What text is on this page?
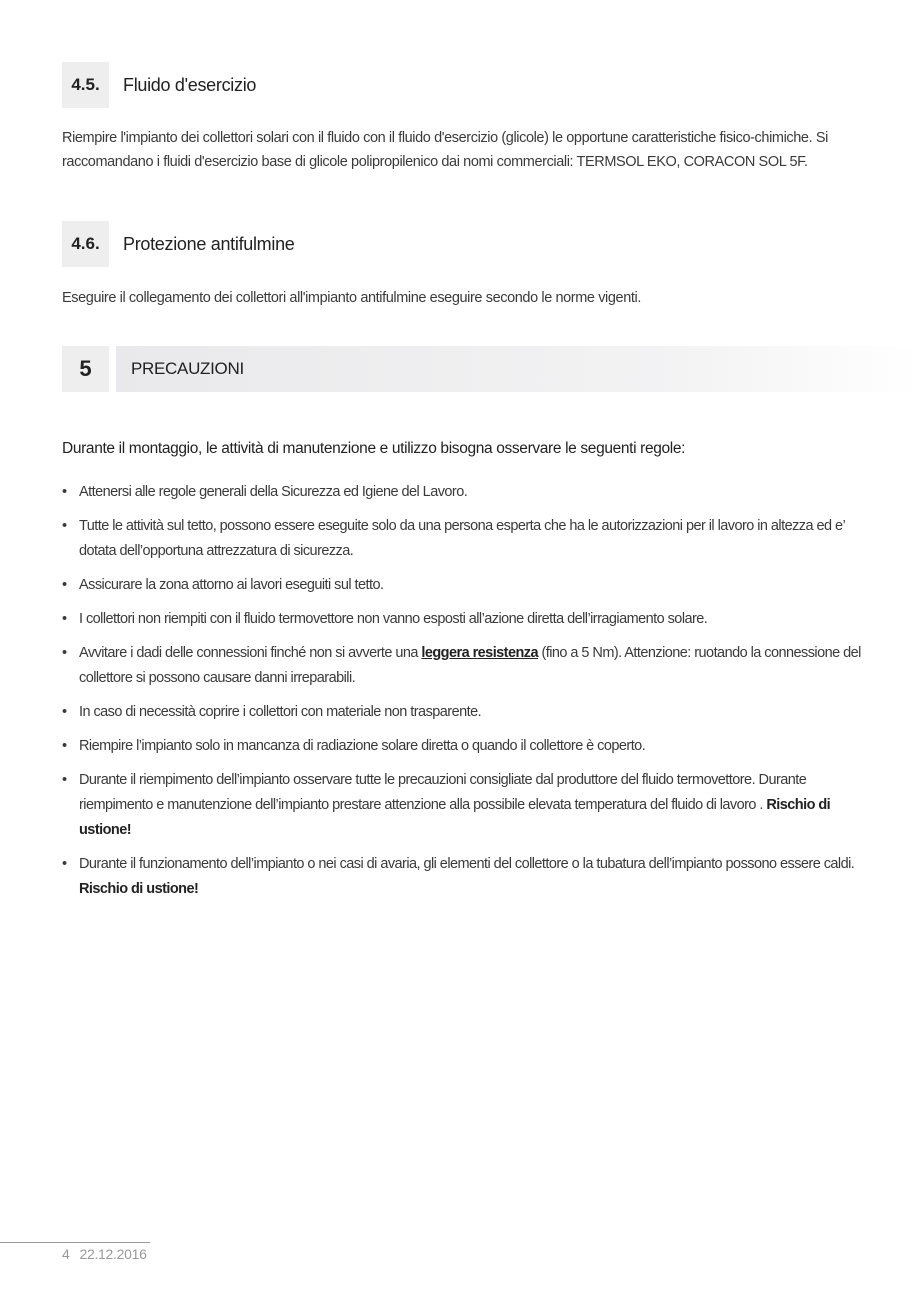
4.5.	Fluido d'esercizio
Riempire l'impianto dei collettori solari con il fluido con il fluido d'esercizio (glicole) le opportune caratteristiche fisico-chimiche. Si raccomandano i fluidi d'esercizio base di glicole polipropilenico dai nomi commerciali: TERMSOL EKO, CORACON SOL 5F.
4.6.	Protezione antifulmine
Eseguire il collegamento dei collettori all'impianto antifulmine eseguire secondo le norme vigenti.
5	PRECAUZIONI
Durante il montaggio, le attività di manutenzione e utilizzo bisogna osservare le seguenti regole:
• Attenersi alle regole generali della Sicurezza ed Igiene del Lavoro.
• Tutte le attività sul tetto, possono essere eseguite solo da una persona esperta che ha le autorizzazioni per il lavoro in altezza ed e’ dotata dell’opportuna attrezzatura di sicurezza.
• Assicurare la zona attorno ai lavori eseguiti sul tetto.
• I collettori non riempiti con il fluido termovettore non vanno esposti all’azione diretta dell’irragiamento solare.
• Avvitare i dadi delle connessioni finché non si avverte una leggera resistenza (fino a 5 Nm). Attenzione: ruotando la connessione del collettore si possono causare danni irreparabili.
• In caso di necessità coprire i collettori con materiale non trasparente.
• Riempire l’impianto solo in mancanza di radiazione solare diretta o quando il collettore è coperto.
• Durante il riempimento dell’impianto osservare tutte le precauzioni consigliate dal produttore del fluido termovettore. Durante riempimento e manutenzione dell’impianto prestare attenzione alla possibile elevata temperatura del fluido di lavoro . Rischio di ustione!
• Durante il funzionamento dell’impianto o nei casi di avaria, gli elementi del collettore o la tubatura dell’impianto possono essere caldi. Rischio di ustione!
4 22.12.2016
